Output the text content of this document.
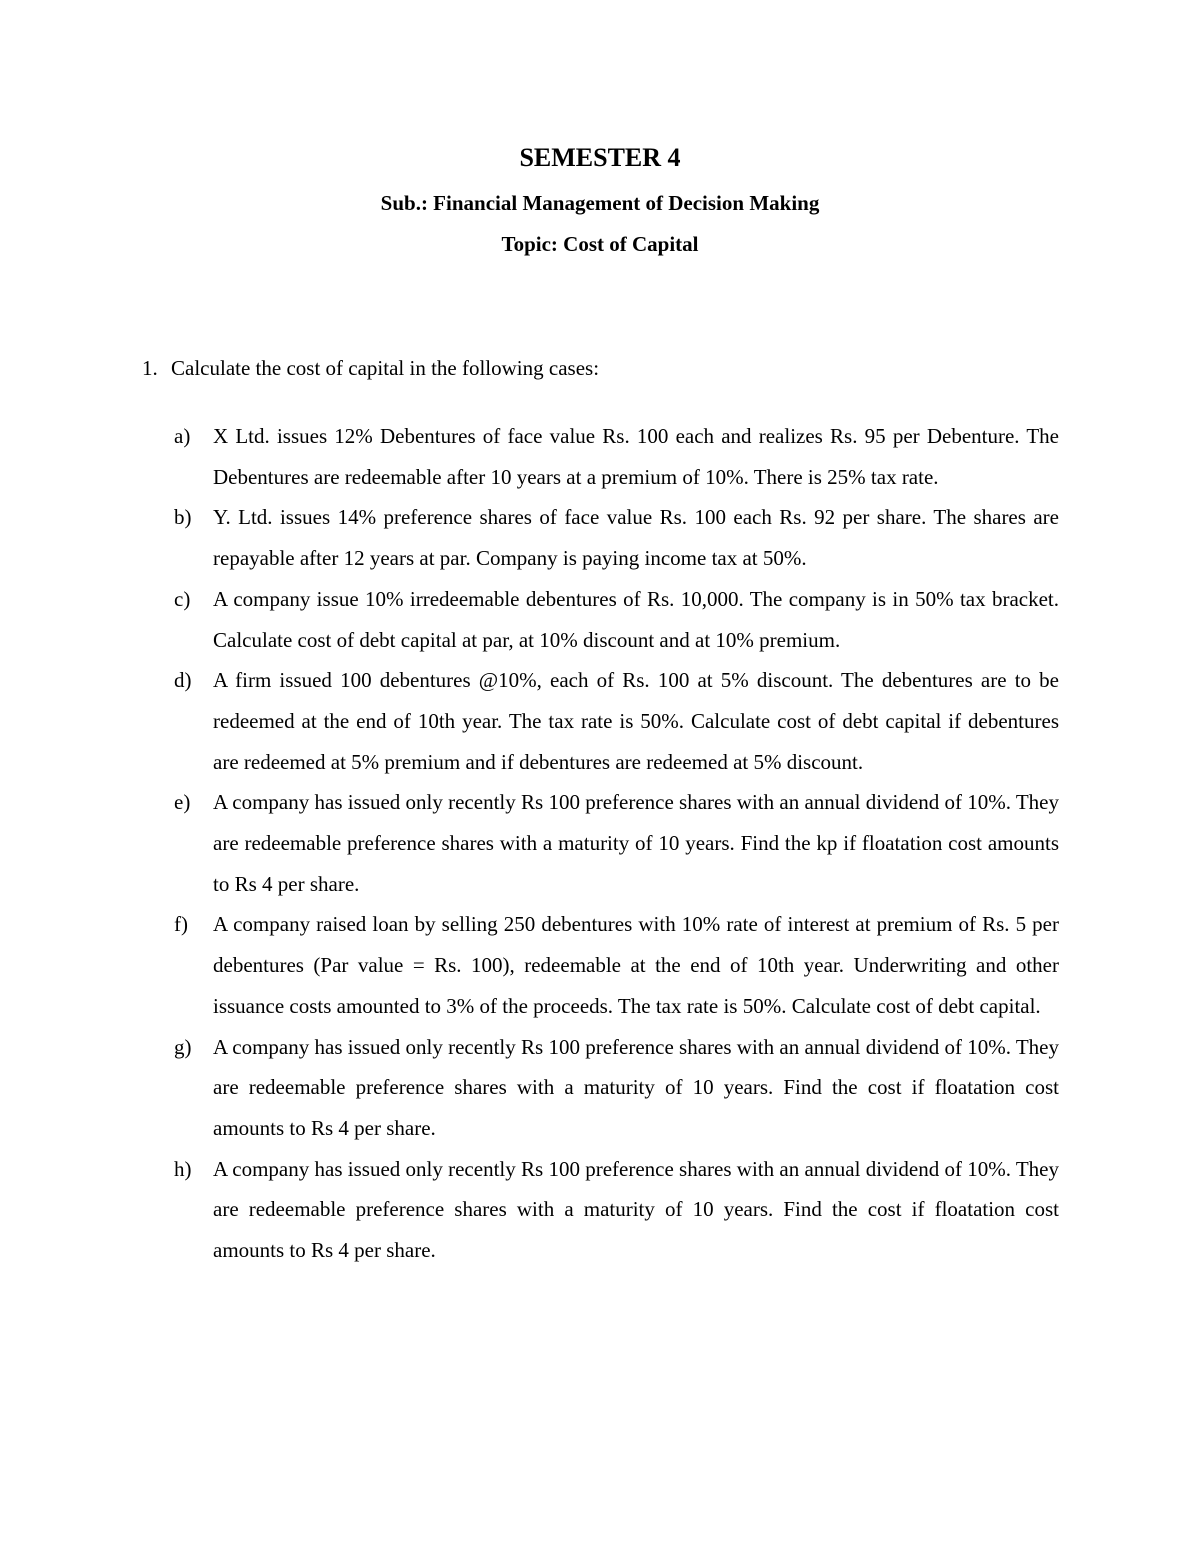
SEMESTER 4
Sub.: Financial Management of Decision Making
Topic: Cost of Capital
1. Calculate the cost of capital in the following cases:
a)	X Ltd. issues 12% Debentures of face value Rs. 100 each and realizes Rs. 95 per Debenture. The Debentures are redeemable after 10 years at a premium of 10%. There is 25% tax rate.
b)	Y. Ltd. issues 14% preference shares of face value Rs. 100 each Rs. 92 per share. The shares are repayable after 12 years at par. Company is paying income tax at 50%.
c)	A company issue 10% irredeemable debentures of Rs. 10,000. The company is in 50% tax bracket. Calculate cost of debt capital at par, at 10% discount and at 10% premium.
d)	A firm issued 100 debentures @10%, each of Rs. 100 at 5% discount. The debentures are to be redeemed at the end of 10th year. The tax rate is 50%. Calculate cost of debt capital if debentures are redeemed at 5% premium and if debentures are redeemed at 5% discount.
e)	A company has issued only recently Rs 100 preference shares with an annual dividend of 10%. They are redeemable preference shares with a maturity of 10 years. Find the kp if floatation cost amounts to Rs 4 per share.
f)	A company raised loan by selling 250 debentures with 10% rate of interest at premium of Rs. 5 per debentures (Par value = Rs. 100), redeemable at the end of 10th year. Underwriting and other issuance costs amounted to 3% of the proceeds. The tax rate is 50%. Calculate cost of debt capital.
g)	A company has issued only recently Rs 100 preference shares with an annual dividend of 10%. They are redeemable preference shares with a maturity of 10 years. Find the cost if floatation cost amounts to Rs 4 per share.
h)	A company has issued only recently Rs 100 preference shares with an annual dividend of 10%. They are redeemable preference shares with a maturity of 10 years. Find the cost if floatation cost amounts to Rs 4 per share.
